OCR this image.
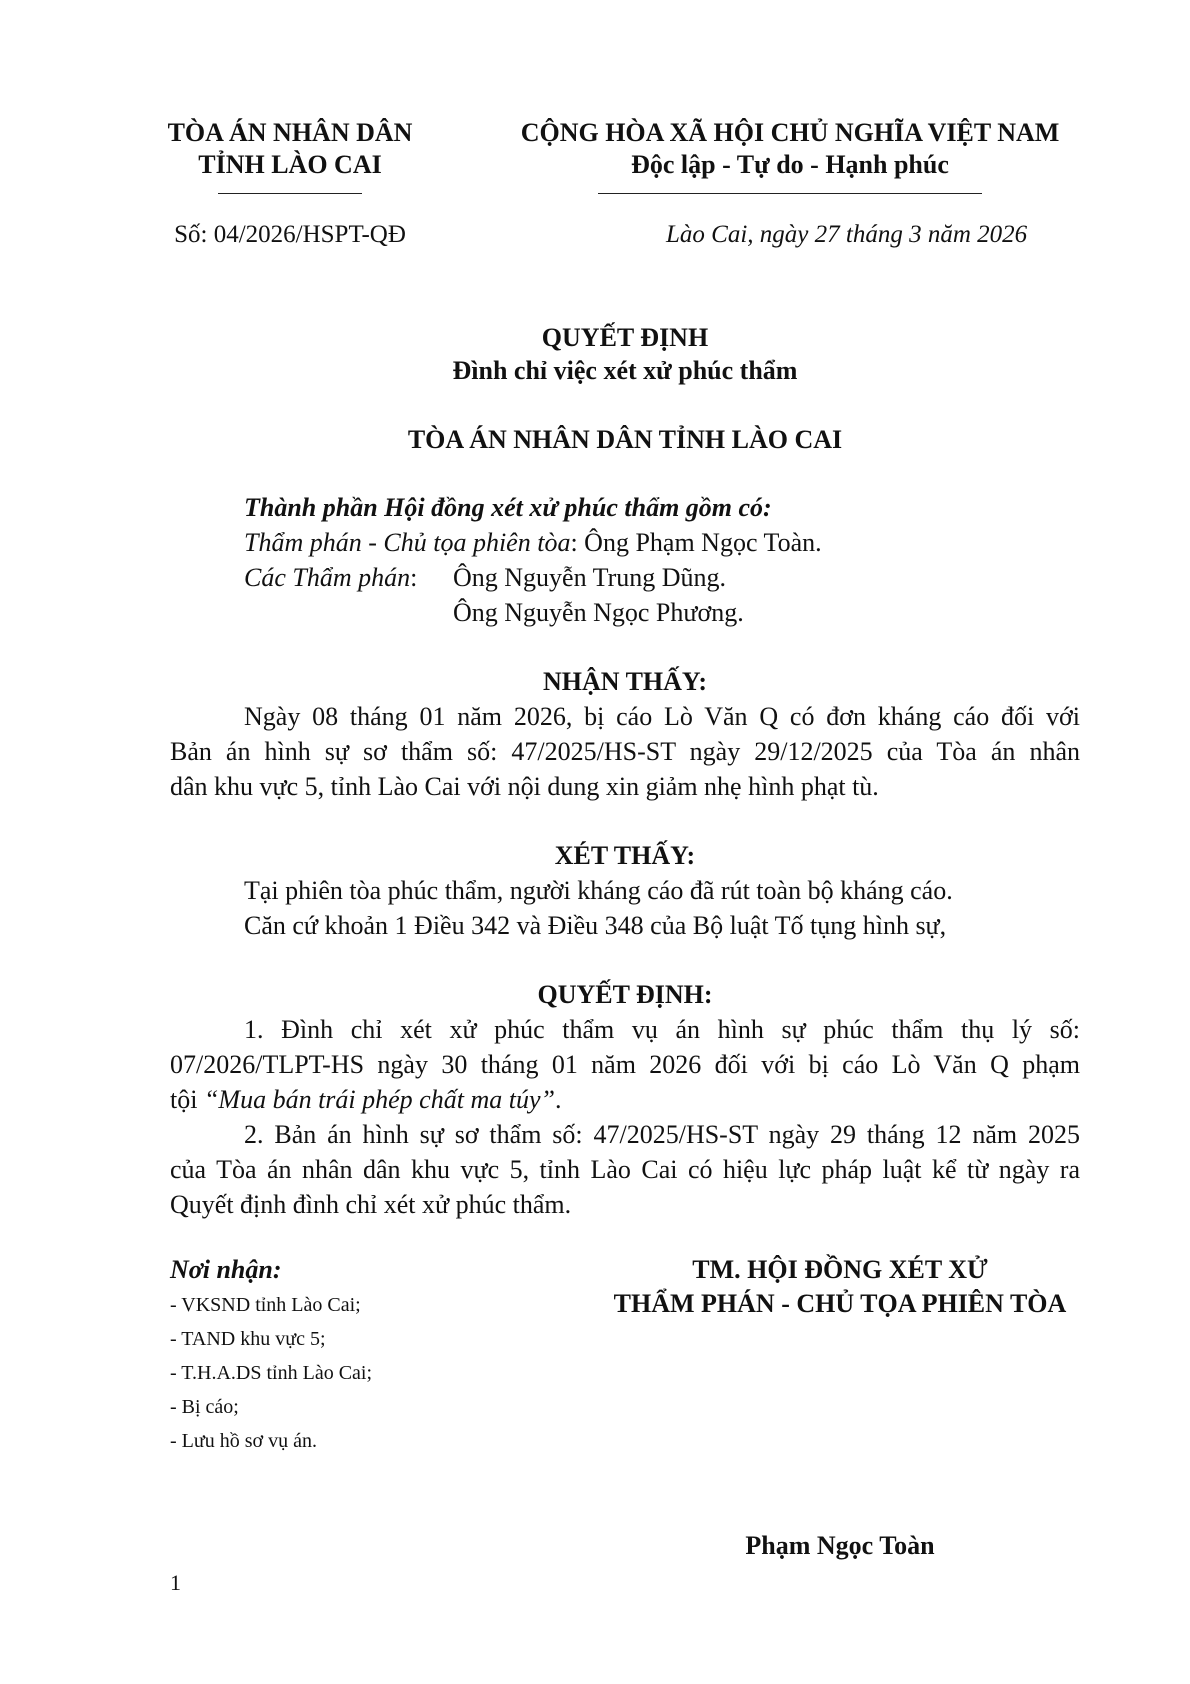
TÒA ÁN NHÂN DÂN
TỈNH LÀO CAI
CỘNG HÒA XÃ HỘI CHỦ NGHĨA VIỆT NAM
Độc lập - Tự do - Hạnh phúc
Số: 04/2026/HSPT-QĐ	Lào Cai, ngày 27 tháng 3 năm 2026
QUYẾT ĐỊNH
Đình chỉ việc xét xử phúc thẩm
TÒA ÁN NHÂN DÂN TỈNH LÀO CAI
Thành phần Hội đồng xét xử phúc thẩm gồm có:
Thẩm phán - Chủ tọa phiên tòa: Ông Phạm Ngọc Toàn.
Các Thẩm phán: Ông Nguyễn Trung Dũng.
Ông Nguyễn Ngọc Phương.
NHẬN THẤY:
Ngày 08 tháng 01 năm 2026, bị cáo Lò Văn Q có đơn kháng cáo đối với
Bản án hình sự sơ thẩm số: 47/2025/HS-ST ngày 29/12/2025 của Tòa án nhân
dân khu vực 5, tỉnh Lào Cai với nội dung xin giảm nhẹ hình phạt tù.
XÉT THẤY:
Tại phiên tòa phúc thẩm, người kháng cáo đã rút toàn bộ kháng cáo.
Căn cứ khoản 1 Điều 342 và Điều 348 của Bộ luật Tố tụng hình sự,
QUYẾT ĐỊNH:
1. Đình chỉ xét xử phúc thẩm vụ án hình sự phúc thẩm thụ lý số:
07/2026/TLPT-HS ngày 30 tháng 01 năm 2026 đối với bị cáo Lò Văn Q phạm
tội “Mua bán trái phép chất ma túy”.
2. Bản án hình sự sơ thẩm số: 47/2025/HS-ST ngày 29 tháng 12 năm 2025
của Tòa án nhân dân khu vực 5, tỉnh Lào Cai có hiệu lực pháp luật kể từ ngày ra
Quyết định đình chỉ xét xử phúc thẩm.
Nơi nhận:
- VKSND tỉnh Lào Cai;
- TAND khu vực 5;
- T.H.A.DS tỉnh Lào Cai;
- Bị cáo;
- Lưu hồ sơ vụ án.
TM. HỘI ĐỒNG XÉT XỬ
THẨM PHÁN - CHỦ TỌA PHIÊN TÒA
Phạm Ngọc Toàn
1
